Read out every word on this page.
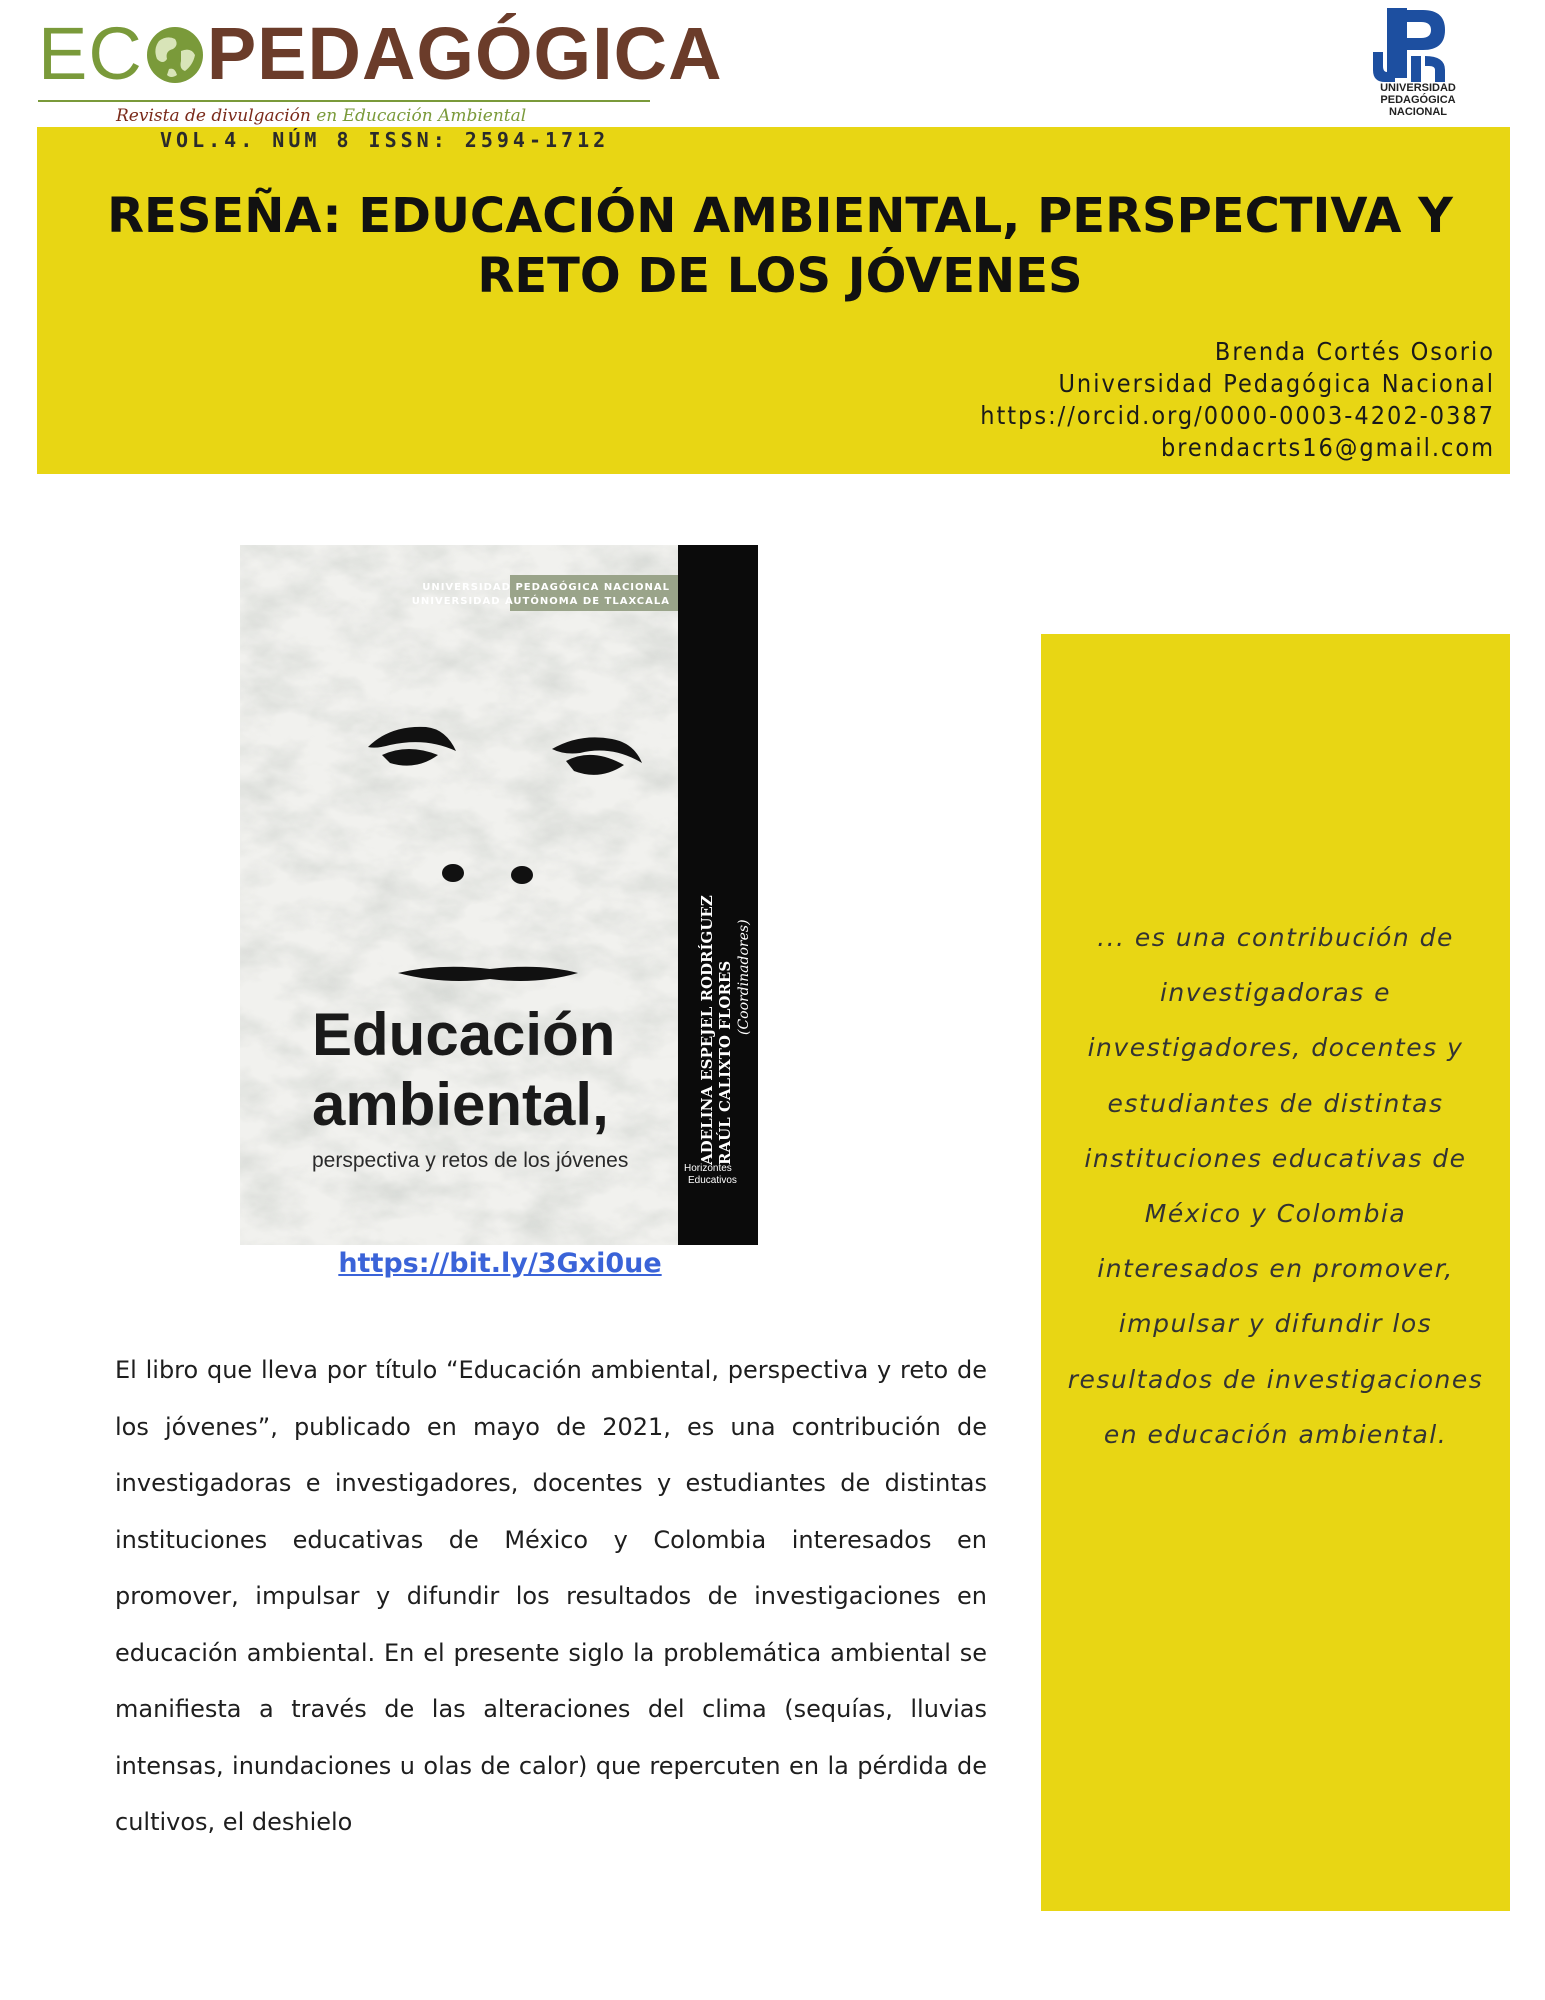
EC PEDAGÓGICA
Revista de divulgación en Educación Ambiental
UNIVERSIDAD
PEDAGÓGICA
NACIONAL
VOL.4. NÚM 8 ISSN: 2594-1712
RESEÑA: EDUCACIÓN AMBIENTAL, PERSPECTIVA Y RETO DE LOS JÓVENES
Brenda Cortés Osorio
Universidad Pedagógica Nacional
https://orcid.org/0000-0003-4202-0387
brendacrts16@gmail.com
UNIVERSIDAD PEDAGÓGICA NACIONAL
UNIVERSIDAD AUTÓNOMA DE TLAXCALA
Educación
ambiental,
perspectiva y retos de los jóvenes	ADELINA ESPEJEL RODRÍGUEZ RAÚL CALIXTO FLORES (Coordinadores)
Horizontes
Educativos
https://bit.ly/3Gxi0ue
El libro que lleva por título “Educación ambiental, perspectiva y reto de los jóvenes”, publicado en mayo de 2021, es una contribución de investigadoras e investigadores, docentes y estudiantes de distintas instituciones educativas de México y Colombia interesados en promover, impulsar y difundir los resultados de investigaciones en educación ambiental. En el presente siglo la problemática ambiental se manifiesta a través de las alteraciones del clima (sequías, lluvias intensas, inundaciones u olas de calor) que repercuten en la pérdida de cultivos, el deshielo
... es una contribución de investigadoras e investigadores, docentes y estudiantes de distintas instituciones educativas de México y Colombia interesados en promover, impulsar y difundir los resultados de investigaciones en educación ambiental.
